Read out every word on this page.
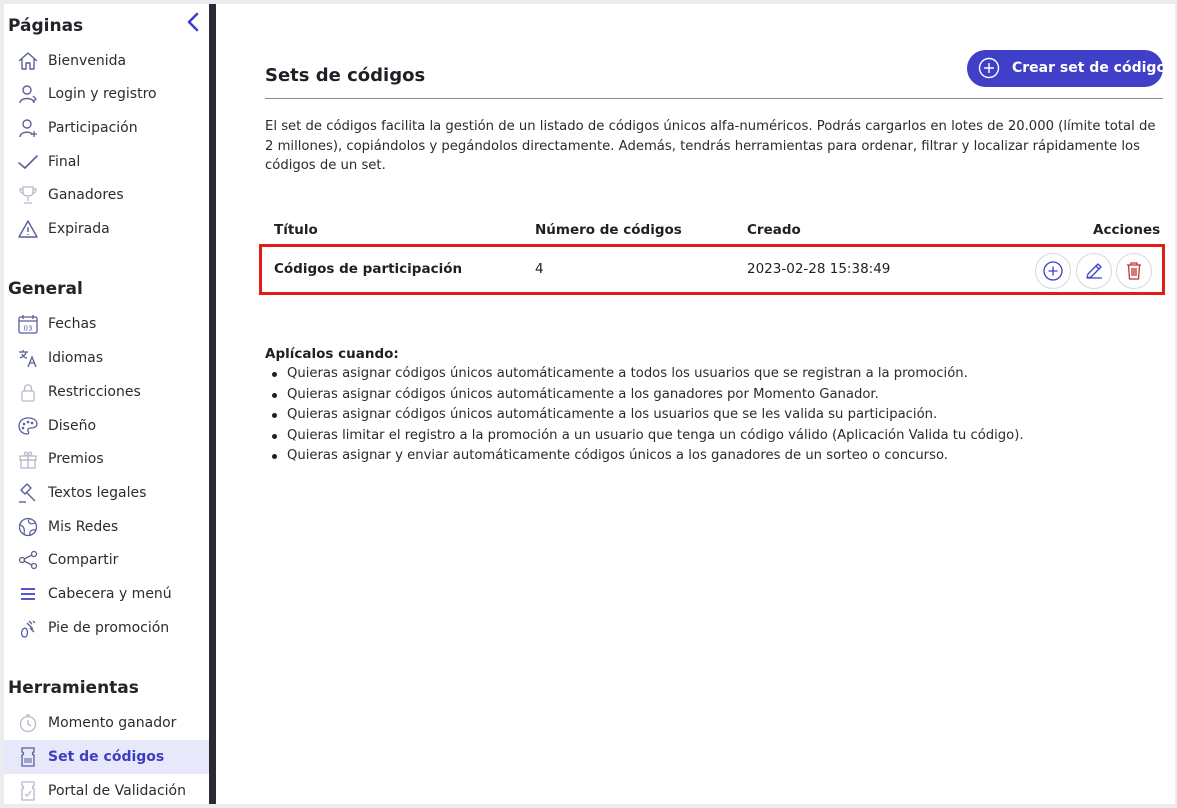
Páginas
Bienvenida
Login y registro
Participación
Final
Ganadores
Expirada
General
03 Fechas
Idiomas
Restricciones
Diseño
Premios
Textos legales
Mis Redes
Compartir
Cabecera y menú
Pie de promoción
Herramientas
Momento ganador
Set de códigos
Portal de Validación
Sets de códigos	Crear set de códigos

El set de códigos facilita la gestión de un listado de códigos únicos alfa-numéricos. Podrás cargarlos en lotes de 20.000 (límite total de 2 millones), copiándolos y pegándolos directamente. Además, tendrás herramientas para ordenar, filtrar y localizar rápidamente los códigos de un set.

Título	Número de códigos	Creado	Acciones
Códigos de participación	4	2023-02-28 15:38:49
Aplícalos cuando:
Quieras asignar códigos únicos automáticamente a todos los usuarios que se registran a la promoción.
Quieras asignar códigos únicos automáticamente a los ganadores por Momento Ganador.
Quieras asignar códigos únicos automáticamente a los usuarios que se les valida su participación.
Quieras limitar el registro a la promoción a un usuario que tenga un código válido (Aplicación Valida tu código).
Quieras asignar y enviar automáticamente códigos únicos a los ganadores de un sorteo o concurso.
